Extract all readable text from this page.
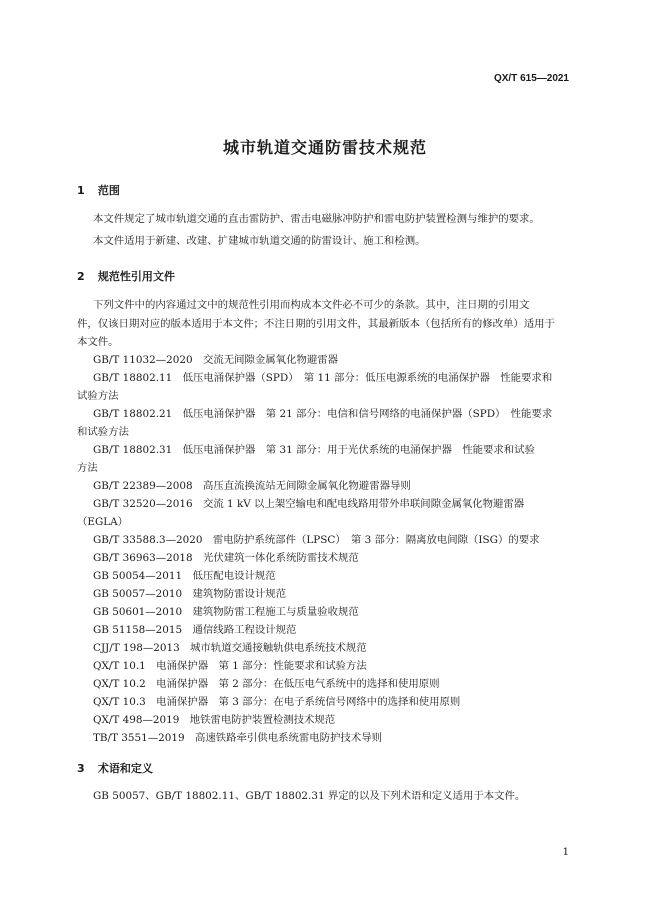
QX/T 615—2021
城市轨道交通防雷技术规范
1 范围
本文件规定了城市轨道交通的直击雷防护、雷击电磁脉冲防护和雷电防护装置检测与维护的要求。
本文件适用于新建、改建、扩建城市轨道交通的防雷设计、施工和检测。
2 规范性引用文件
下列文件中的内容通过文中的规范性引用而构成本文件必不可少的条款。其中，注日期的引用文
件，仅该日期对应的版本适用于本文件；不注日期的引用文件，其最新版本（包括所有的修改单）适用于
本文件。
GB/T 11032—2020　交流无间隙金属氧化物避雷器
GB/T 18802.11　低压电涌保护器（SPD）　第 11 部分：低压电源系统的电涌保护器　性能要求和
试验方法
GB/T 18802.21　低压电涌保护器　第 21 部分：电信和信号网络的电涌保护器（SPD）　性能要求
和试验方法
GB/T 18802.31　低压电涌保护器　第 31 部分：用于光伏系统的电涌保护器　性能要求和试验
方法
GB/T 22389—2008　高压直流换流站无间隙金属氧化物避雷器导则
GB/T 32520—2016　交流 1 kV 以上架空输电和配电线路用带外串联间隙金属氧化物避雷器
（EGLA）
GB/T 33588.3—2020　雷电防护系统部件（LPSC）　第 3 部分：隔离放电间隙（ISG）的要求
GB/T 36963—2018　光伏建筑一体化系统防雷技术规范
GB 50054—2011　低压配电设计规范
GB 50057—2010　建筑物防雷设计规范
GB 50601—2010　建筑物防雷工程施工与质量验收规范
GB 51158—2015　通信线路工程设计规范
CJJ/T 198—2013　城市轨道交通接触轨供电系统技术规范
QX/T 10.1　电涌保护器　第 1 部分：性能要求和试验方法
QX/T 10.2　电涌保护器　第 2 部分：在低压电气系统中的选择和使用原则
QX/T 10.3　电涌保护器　第 3 部分：在电子系统信号网络中的选择和使用原则
QX/T 498—2019　地铁雷电防护装置检测技术规范
TB/T 3551—2019　高速铁路牵引供电系统雷电防护技术导则
3 术语和定义
GB 50057、GB/T 18802.11、GB/T 18802.31 界定的以及下列术语和定义适用于本文件。
1
